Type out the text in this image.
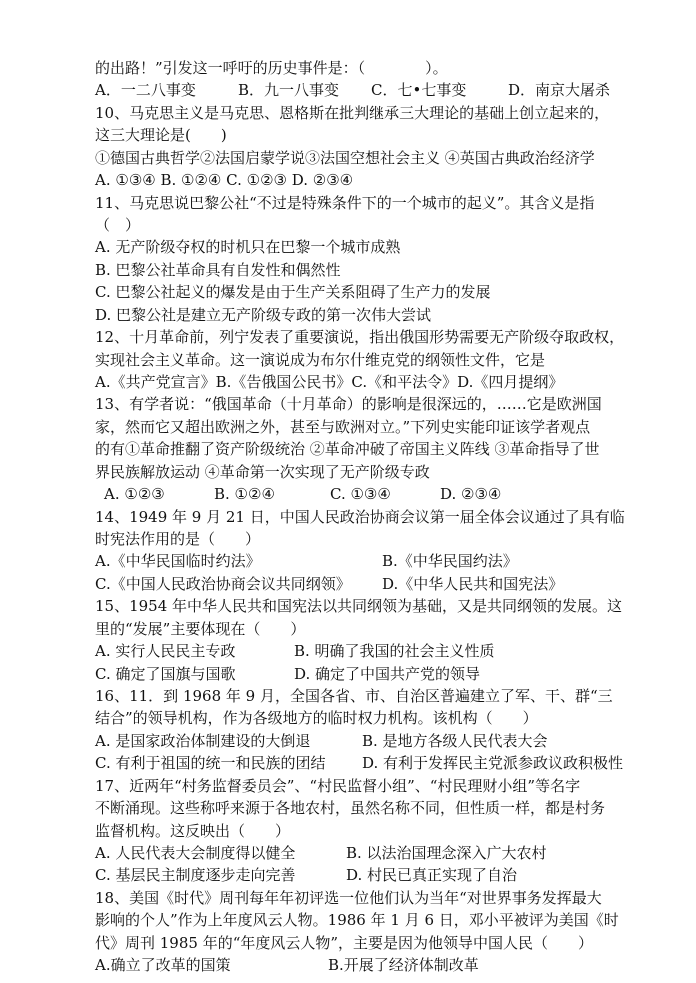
的出路！”引发这一呼吁的历史事件是：（　　　　）。
A．一二八事变	B．九一八事变 C．七•七事变	D．南京大屠杀
10、马克思主义是马克思、恩格斯在批判继承三大理论的基础上创立起来的，
这三大理论是(　　)
①德国古典哲学②法国启蒙学说③法国空想社会主义 ④英国古典政治经济学
A. ①③④ B. ①②④ C. ①②③ D. ②③④
11、马克思说巴黎公社“不过是特殊条件下的一个城市的起义”。其含义是指
（　）
A. 无产阶级夺权的时机只在巴黎一个城市成熟
B. 巴黎公社革命具有自发性和偶然性
C. 巴黎公社起义的爆发是由于生产关系阻碍了生产力的发展
D. 巴黎公社是建立无产阶级专政的第一次伟大尝试
12、十月革命前，列宁发表了重要演说，指出俄国形势需要无产阶级夺取政权，
实现社会主义革命。这一演说成为布尔什维克党的纲领性文件，它是
A.《共产党宣言》B.《告俄国公民书》C.《和平法令》D.《四月提纲》
13、有学者说：“俄国革命（十月革命）的影响是很深远的，……它是欧洲国
家，然而它又超出欧洲之外，甚至与欧洲对立。”下列史实能印证该学者观点
的有①革命推翻了资产阶级统治 ②革命冲破了帝国主义阵线 ③革命指导了世
界民族解放运动 ④革命第一次实现了无产阶级专政
A. ①②③	B. ①②④	C. ①③④	D. ②③④
14、1949 年 9 月 21 日，中国人民政治协商会议第一届全体会议通过了具有临
时宪法作用的是（　　）
A.《中华民国临时约法》	B.《中华民国约法》
C.《中国人民政治协商会议共同纲领》 D.《中华人民共和国宪法》
15、1954 年中华人民共和国宪法以共同纲领为基础，又是共同纲领的发展。这
里的“发展”主要体现在（　　）
A. 实行人民民主专政	B. 明确了我国的社会主义性质
C. 确定了国旗与国歌	D. 确定了中国共产党的领导
16、11．到 1968 年 9 月，全国各省、市、自治区普遍建立了军、干、群“三
结合”的领导机构，作为各级地方的临时权力机构。该机构（　　）
A. 是国家政治体制建设的大倒退	B. 是地方各级人民代表大会
C. 有利于祖国的统一和民族的团结 D. 有利于发挥民主党派参政议政积极性
17、近两年“村务监督委员会”、“村民监督小组”、“村民理财小组”等名字
不断涌现。这些称呼来源于各地农村，虽然名称不同，但性质一样，都是村务
监督机构。这反映出（　　）
A. 人民代表大会制度得以健全	B. 以法治国理念深入广大农村
C. 基层民主制度逐步走向完善	D. 村民已真正实现了自治
18、美国《时代》周刊每年年初评选一位他们认为当年“对世界事务发挥最大
影响的个人”作为上年度风云人物。1986 年 1 月 6 日，邓小平被评为美国《时
代》周刊 1985 年的“年度风云人物”，主要是因为他领导中国人民（　　）
A.确立了改革的国策	B.开展了经济体制改革
